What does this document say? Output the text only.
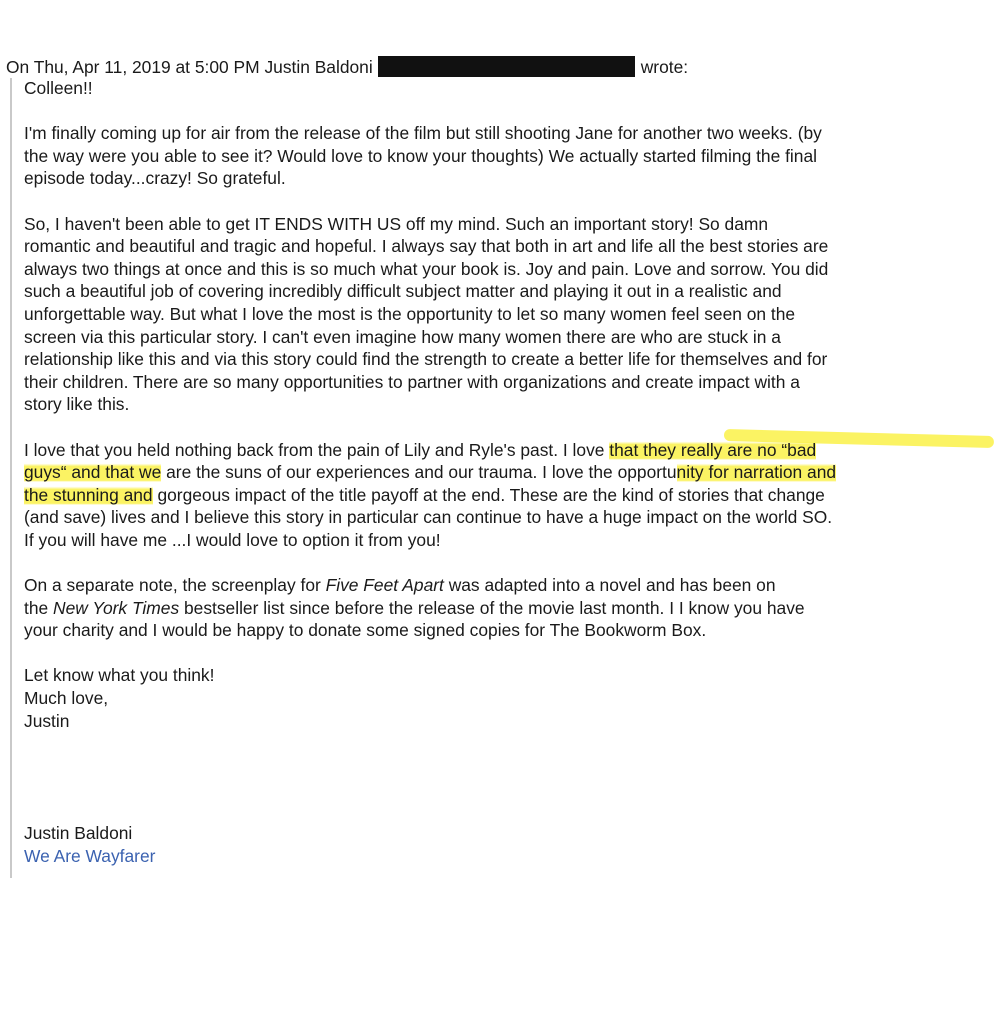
On Thu, Apr 11, 2019 at 5:00 PM Justin Baldoni	wrote:
Colleen!!
I'm finally coming up for air from the release of the film but still shooting Jane for another two weeks. (by
the way were you able to see it? Would love to know your thoughts) We actually started filming the final
episode today...crazy! So grateful.
So, I haven't been able to get IT ENDS WITH US off my mind. Such an important story! So damn
romantic and beautiful and tragic and hopeful. I always say that both in art and life all the best stories are
always two things at once and this is so much what your book is. Joy and pain. Love and sorrow. You did
such a beautiful job of covering incredibly difficult subject matter and playing it out in a realistic and
unforgettable way. But what I love the most is the opportunity to let so many women feel seen on the
screen via this particular story. I can't even imagine how many women there are who are stuck in a
relationship like this and via this story could find the strength to create a better life for themselves and for
their children. There are so many opportunities to partner with organizations and create impact with a
story like this.
I love that you held nothing back from the pain of Lily and Ryle's past. I love that they really are no “bad
guys“ and that we are the suns of our experiences and our trauma. I love the opportunity for narration and
the stunning and gorgeous impact of the title payoff at the end. These are the kind of stories that change
(and save) lives and I believe this story in particular can continue to have a huge impact on the world SO.
If you will have me ...I would love to option it from you!
On a separate note, the screenplay for Five Feet Apart was adapted into a novel and has been on
the New York Times bestseller list since before the release of the movie last month. I I know you have
your charity and I would be happy to donate some signed copies for The Bookworm Box.
Let know what you think!
Much love,
Justin
Justin Baldoni
We Are Wayfarer
